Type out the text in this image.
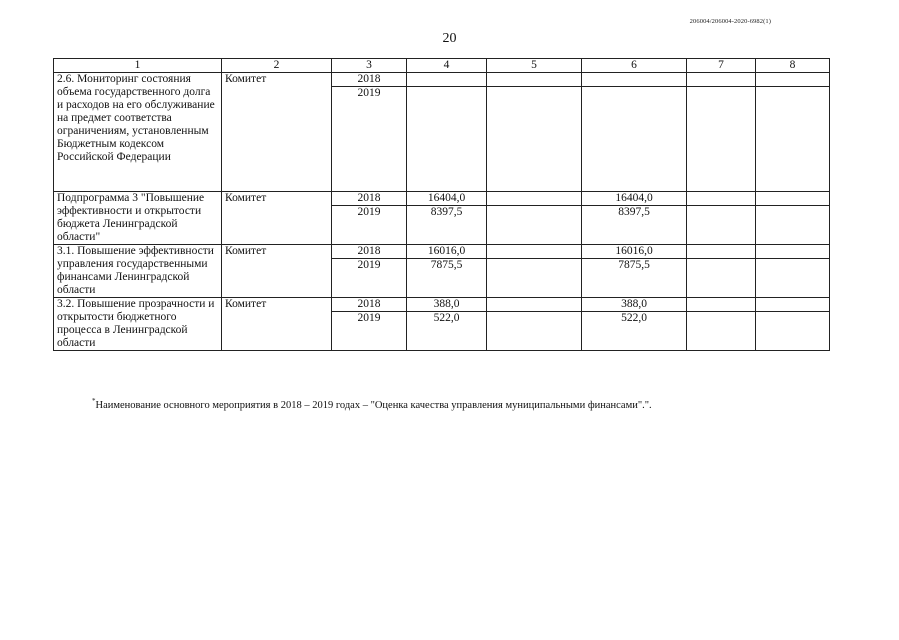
206004/206004-2020-6982(1)
20
1	2	3	4	5	6	7	8
2.6. Мониторинг состояния объема государственного долга и расходов на его обслуживание на предмет соответства ограничениям, установленным Бюджетным кодексом Российской Федерации	Комитет	2018					
		2019					
Подпрограмма 3 "Повышение эффективности и открытости бюджета Ленинградской области"	Комитет	2018	16404,0		16404,0		
		2019	8397,5		8397,5		
3.1. Повышение эффективности управления государственными финансами Ленинградской области	Комитет	2018	16016,0		16016,0		
		2019	7875,5		7875,5		
3.2. Повышение прозрачности и открытости бюджетного процесса в Ленинградской области	Комитет	2018	388,0		388,0		
		2019	522,0		522,0		
*Наименование основного мероприятия в 2018 – 2019 годах – "Оценка качества управления муниципальными финансами".".
